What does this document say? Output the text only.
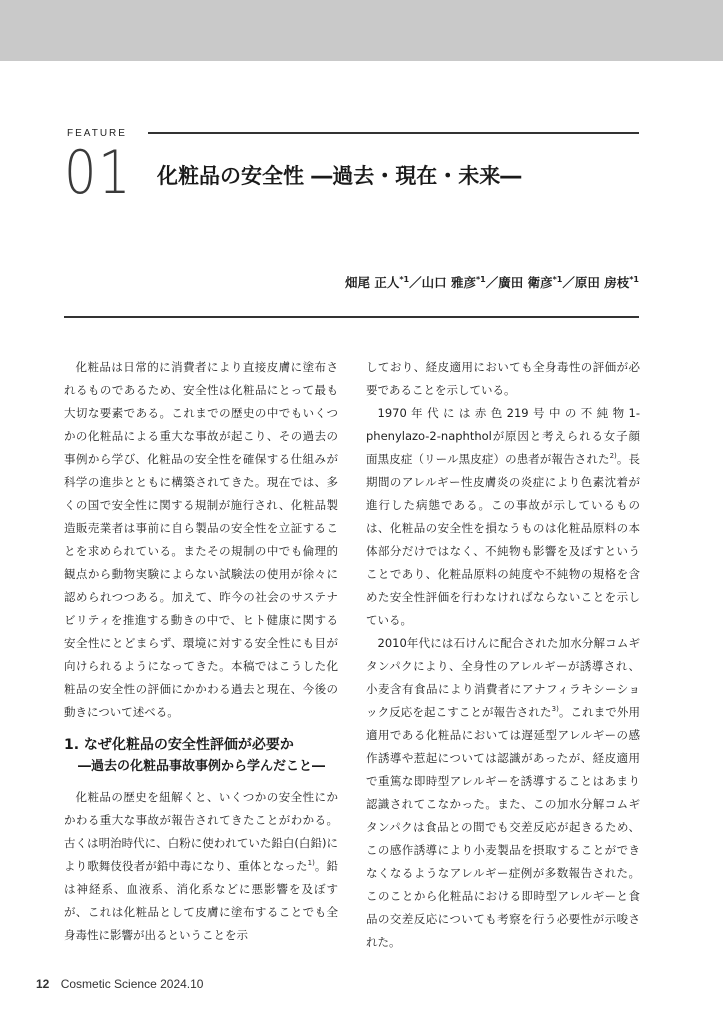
FEATURE
01 化粧品の安全性 ―過去・現在・未来―
畑尾 正人$^{*1}$／山口 雅彦$^{*1}$／廣田 衛彦$^{*1}$／原田 房枝$^{*1}$

化粧品は日常的に消費者により直接皮膚に塗布されるものであるため、安全性は化粧品にとって最も大切な要素である。これまでの歴史の中でもいくつかの化粧品による重大な事故が起こり、その過去の事例から学び、化粧品の安全性を確保する仕組みが科学の進歩とともに構築されてきた。現在では、多くの国で安全性に関する規制が施行され、化粧品製造販売業者は事前に自ら製品の安全性を立証することを求められている。またその規制の中でも倫理的観点から動物実験によらない試験法の使用が徐々に認められつつある。加えて、昨今の社会のサステナビリティを推進する動きの中で、ヒト健康に関する安全性にとどまらず、環境に対する安全性にも目が向けられるようになってきた。本稿ではこうした化粧品の安全性の評価にかかわる過去と現在、今後の動きについて述べる。

1. なぜ化粧品の安全性評価が必要か
―過去の化粧品事故事例から学んだこと―

化粧品の歴史を紐解くと、いくつかの安全性にかかわる重大な事故が報告されてきたことがわかる。古くは明治時代に、白粉に使われていた鉛白(白鉛)により歌舞伎役者が鉛中毒になり、重体となった$^{1)}$。鉛は神経系、血液系、消化系などに悪影響を及ぼすが、これは化粧品として皮膚に塗布することでも全身毒性に影響が出るということを示

しており、経皮適用においても全身毒性の評価が必要であることを示している。

1970年代には赤色219号中の不純物1-phenylazo-2-naphtholが原因と考えられる女子顔面黒皮症（リール黒皮症）の患者が報告された$^{2)}$。長期間のアレルギー性皮膚炎の炎症により色素沈着が進行した病態である。この事故が示しているものは、化粧品の安全性を損なうものは化粧品原料の本体部分だけではなく、不純物も影響を及ぼすということであり、化粧品原料の純度や不純物の規格を含めた安全性評価を行わなければならないことを示している。

2010年代には石けんに配合された加水分解コムギタンパクにより、全身性のアレルギーが誘導され、小麦含有食品により消費者にアナフィラキシーショック反応を起こすことが報告された$^{3)}$。これまで外用適用である化粧品においては遅延型アレルギーの感作誘導や惹起については認識があったが、経皮適用で重篤な即時型アレルギーを誘導することはあまり認識されてこなかった。また、この加水分解コムギタンパクは食品との間でも交差反応が起きるため、この感作誘導により小麦製品を摂取することができなくなるようなアレルギー症例が多数報告された。このことから化粧品における即時型アレルギーと食品の交差反応についても考察を行う必要性が示唆された。

12 Cosmetic Science 2024.10
